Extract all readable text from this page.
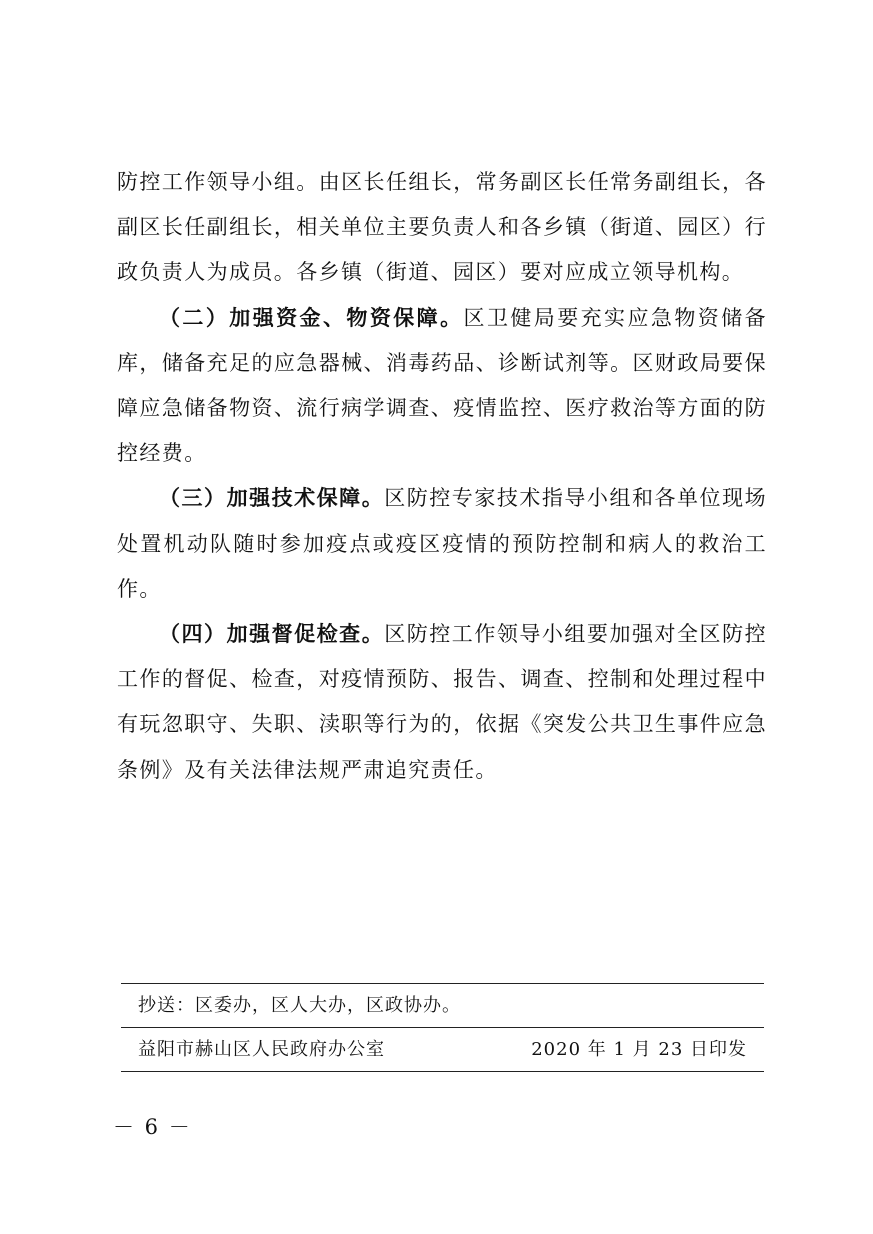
防控工作领导小组。由区长任组长，常务副区长任常务副组长，各副区长任副组长，相关单位主要负责人和各乡镇（街道、园区）行政负责人为成员。各乡镇（街道、园区）要对应成立领导机构。

（二）加强资金、物资保障。区卫健局要充实应急物资储备库，储备充足的应急器械、消毒药品、诊断试剂等。区财政局要保障应急储备物资、流行病学调查、疫情监控、医疗救治等方面的防控经费。

（三）加强技术保障。区防控专家技术指导小组和各单位现场处置机动队随时参加疫点或疫区疫情的预防控制和病人的救治工作。

（四）加强督促检查。区防控工作领导小组要加强对全区防控工作的督促、检查，对疫情预防、报告、调查、控制和处理过程中有玩忽职守、失职、渎职等行为的，依据《突发公共卫生事件应急条例》及有关法律法规严肃追究责任。

抄送：区委办，区人大办，区政协办。
益阳市赫山区人民政府办公室	2020 年 1 月 23 日印发
－ 6 －
